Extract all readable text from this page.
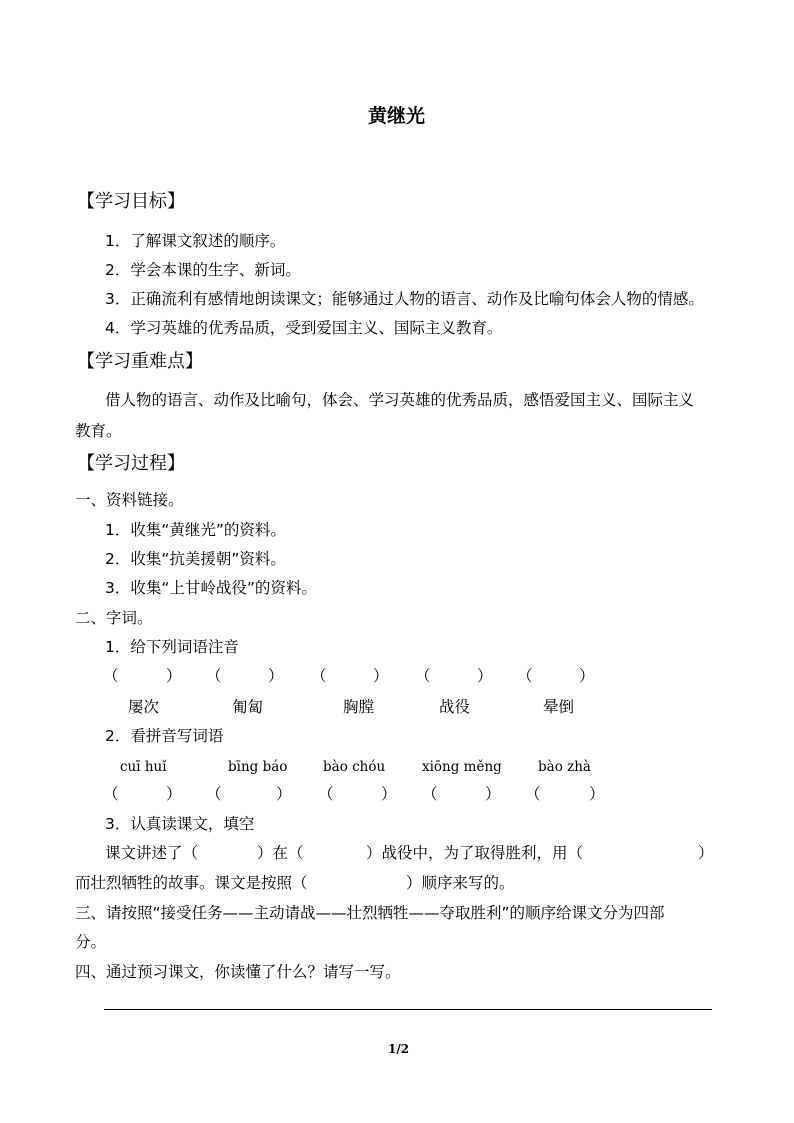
黄继光
【学习目标】
1．了解课文叙述的顺序。
2．学会本课的生字、新词。
3．正确流利有感情地朗读课文；能够通过人物的语言、动作及比喻句体会人物的情感。
4．学习英雄的优秀品质，受到爱国主义、国际主义教育。
【学习重难点】
借人物的语言、动作及比喻句，体会、学习英雄的优秀品质，感悟爱国主义、国际主义
教育。
【学习过程】
一、资料链接。
1．收集“黄继光”的资料。
2．收集“抗美援朝”资料。
3．收集“上甘岭战役”的资料。
二、字词。
1．给下列词语注音
（	） （	） （	） （	） （	）
屡次	匍匐	胸膛	战役	晕倒
2．看拼音写词语
cuī huǐ	bīng báo	bào chóu	xiōng měng	bào zhà
（	） （	） （	） （	） （	）
3．认真读课文，填空
课文讲述了（	）在（	）战役中，为了取得胜利，用（	）
而壮烈牺牲的故事。课文是按照（	）顺序来写的。
三、请按照“接受任务——主动请战——壮烈牺牲——夺取胜利”的顺序给课文分为四部
分。
四、通过预习课文，你读懂了什么？请写一写。
1/2
